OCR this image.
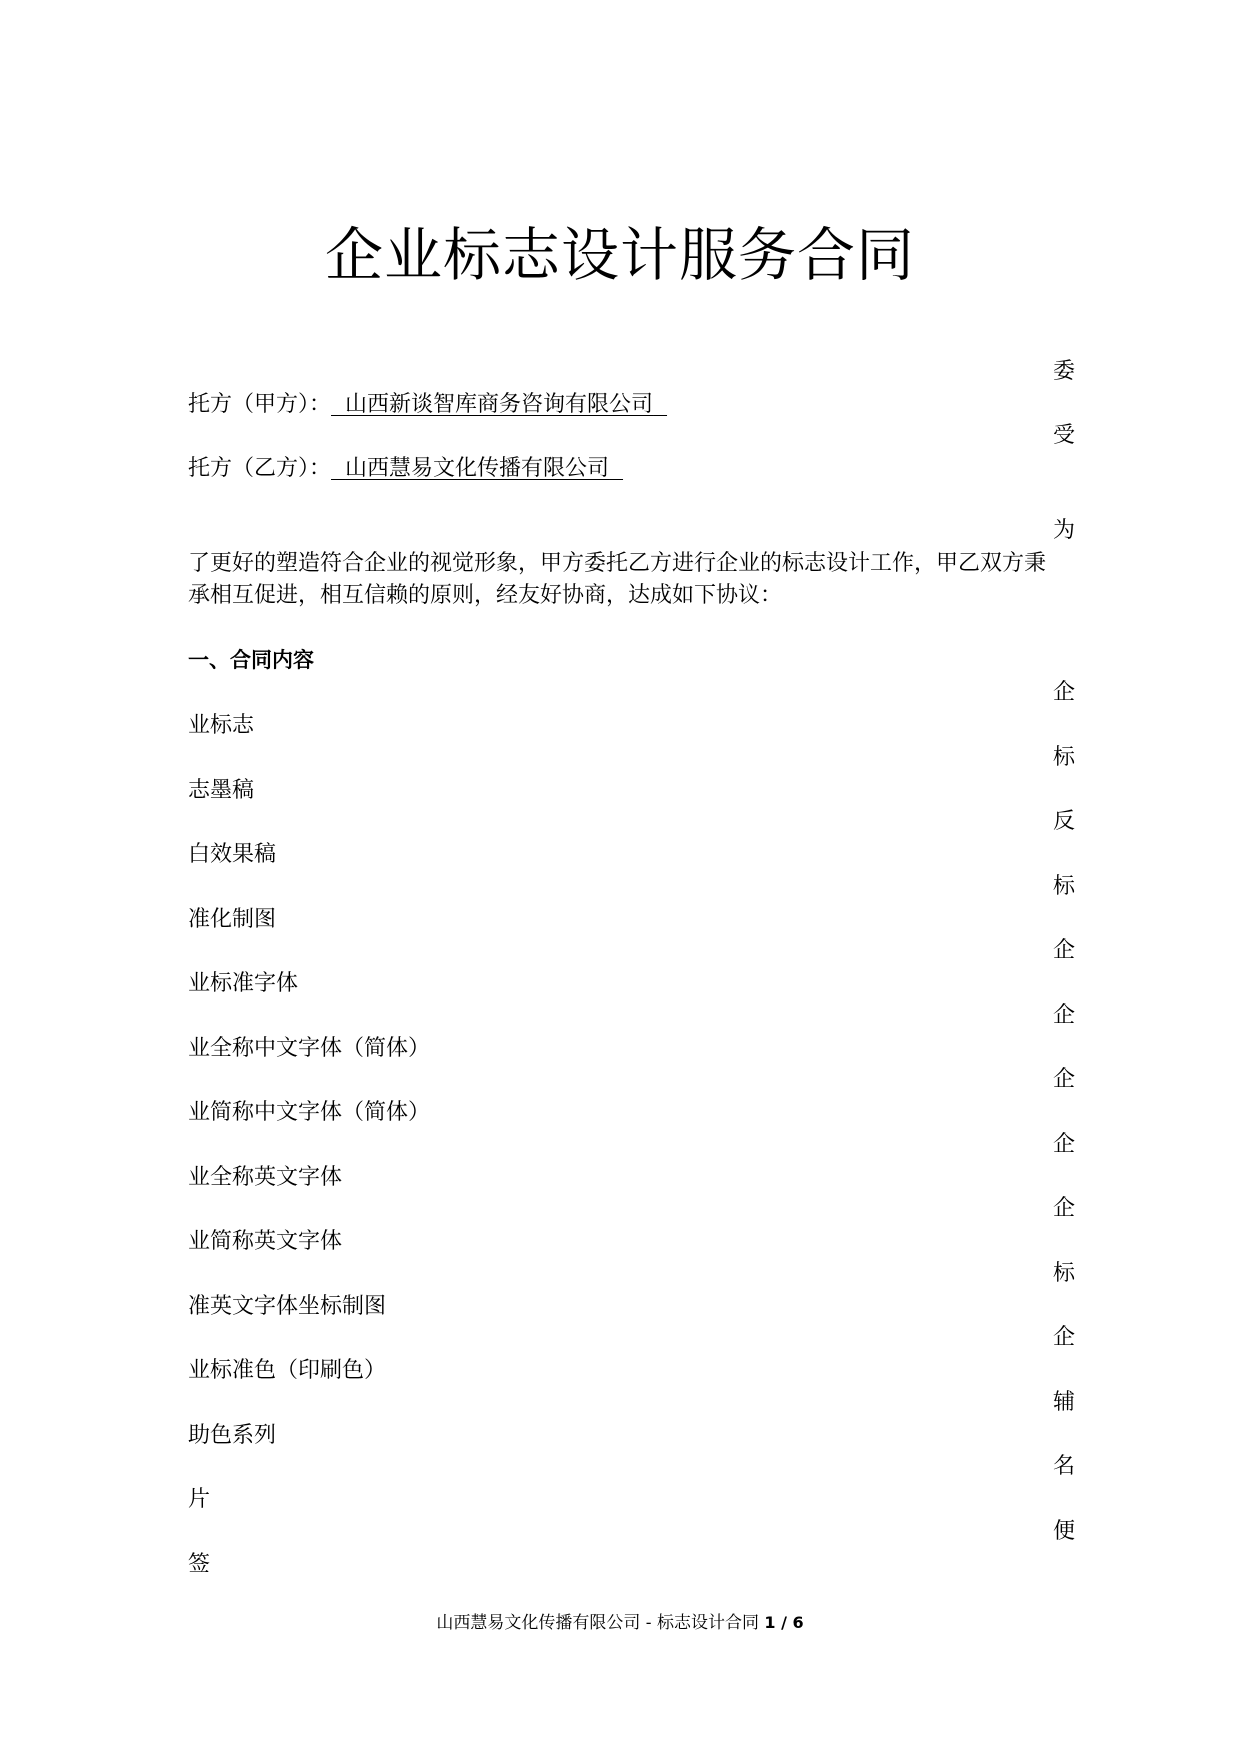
企业标志设计服务合同
委
托方（甲方）： 山西新谈智库商务咨询有限公司
受
托方（乙方）： 山西慧易文化传播有限公司
为
了更好的塑造符合企业的视觉形象，甲方委托乙方进行企业的标志设计工作，甲乙双方秉
承相互促进，相互信赖的原则，经友好协商，达成如下协议：
一、合同内容
企
业标志
标
志墨稿
反
白效果稿
标
准化制图
企
业标准字体
企
业全称中文字体（简体）
企
业简称中文字体（简体）
企
业全称英文字体
企
业简称英文字体
标
准英文字体坐标制图
企
业标准色（印刷色）
辅
助色系列
名
片
便
签
山西慧易文化传播有限公司 - 标志设计合同 1 / 6
